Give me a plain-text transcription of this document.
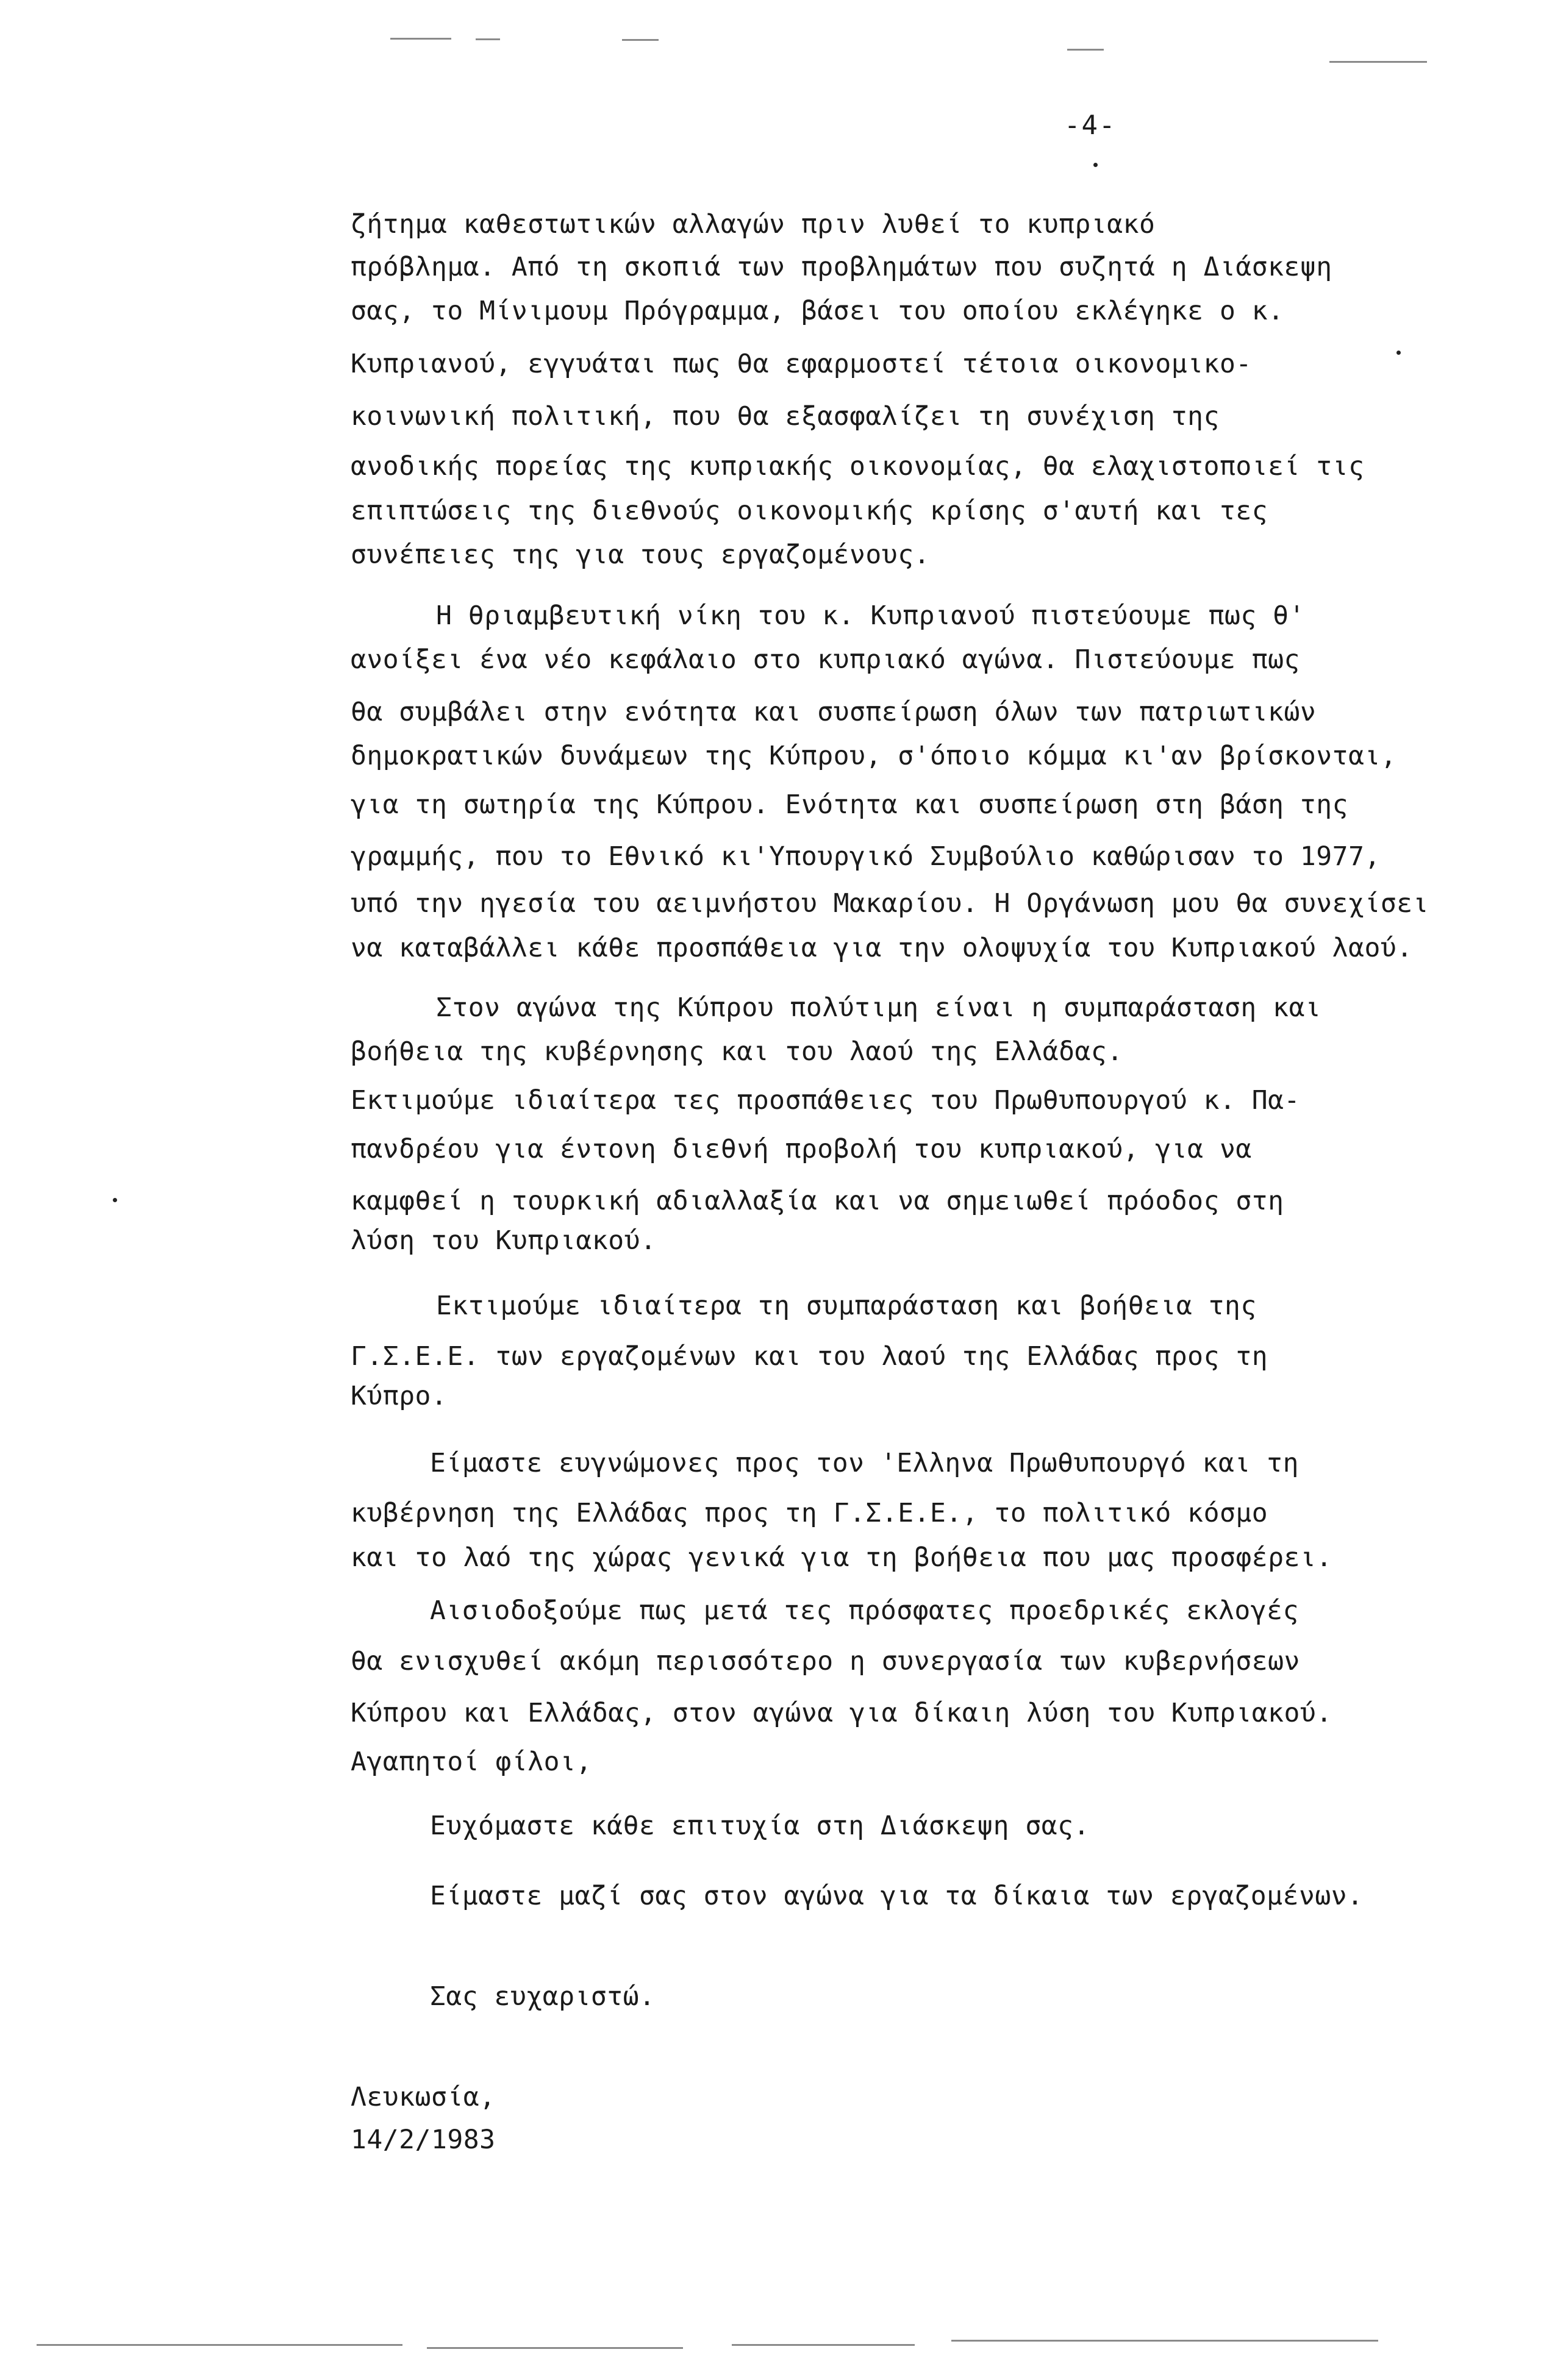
-4-
ζήτημα καθεστωτικών αλλαγών πριν λυθεί το κυπριακό
πρόβλημα. Από τη σκοπιά των προβλημάτων που συζητά η Διάσκεψη
σας, το Μίνιμουμ Πρόγραμμα, βάσει του οποίου εκλέγηκε ο κ.
Κυπριανού, εγγυάται πως θα εφαρμοστεί τέτοια οικονομικο-
κοινωνική πολιτική, που θα εξασφαλίζει τη συνέχιση της
ανοδικής πορείας της κυπριακής οικονομίας, θα ελαχιστοποιεί τις
επιπτώσεις της διεθνούς οικονομικής κρίσης σ'αυτή και τες
συνέπειες της για τους εργαζομένους.
Η θριαμβευτική νίκη του κ. Κυπριανού πιστεύουμε πως θ'
ανοίξει ένα νέο κεφάλαιο στο κυπριακό αγώνα. Πιστεύουμε πως
θα συμβάλει στην ενότητα και συσπείρωση όλων των πατριωτικών
δημοκρατικών δυνάμεων της Κύπρου, σ'όποιο κόμμα κι'αν βρίσκονται,
για τη σωτηρία της Κύπρου. Ενότητα και συσπείρωση στη βάση της
γραμμής, που το Εθνικό κι'Υπουργικό Συμβούλιο καθώρισαν το 1977,
υπό την ηγεσία του αειμνήστου Μακαρίου. Η Οργάνωση μου θα συνεχίσει
να καταβάλλει κάθε προσπάθεια για την ολοψυχία του Κυπριακού λαού.
Στον αγώνα της Κύπρου πολύτιμη είναι η συμπαράσταση και
βοήθεια της κυβέρνησης και του λαού της Ελλάδας.
Εκτιμούμε ιδιαίτερα τες προσπάθειες του Πρωθυπουργού κ. Πα-
πανδρέου για έντονη διεθνή προβολή του κυπριακού, για να
καμφθεί η τουρκική αδιαλλαξία και να σημειωθεί πρόοδος στη
λύση του Κυπριακού.
Εκτιμούμε ιδιαίτερα τη συμπαράσταση και βοήθεια της
Γ.Σ.Ε.Ε. των εργαζομένων και του λαού της Ελλάδας προς τη
Κύπρο.
Είμαστε ευγνώμονες προς τον 'Ελληνα Πρωθυπουργό και τη
κυβέρνηση της Ελλάδας προς τη Γ.Σ.Ε.Ε., το πολιτικό κόσμο
και το λαό της χώρας γενικά για τη βοήθεια που μας προσφέρει.
Αισιοδοξούμε πως μετά τες πρόσφατες προεδρικές εκλογές
θα ενισχυθεί ακόμη περισσότερο η συνεργασία των κυβερνήσεων
Κύπρου και Ελλάδας, στον αγώνα για δίκαιη λύση του Κυπριακού.
Αγαπητοί φίλοι,
Ευχόμαστε κάθε επιτυχία στη Διάσκεψη σας.
Είμαστε μαζί σας στον αγώνα για τα δίκαια των εργαζομένων.
Σας ευχαριστώ.
Λευκωσία,
14/2/1983
